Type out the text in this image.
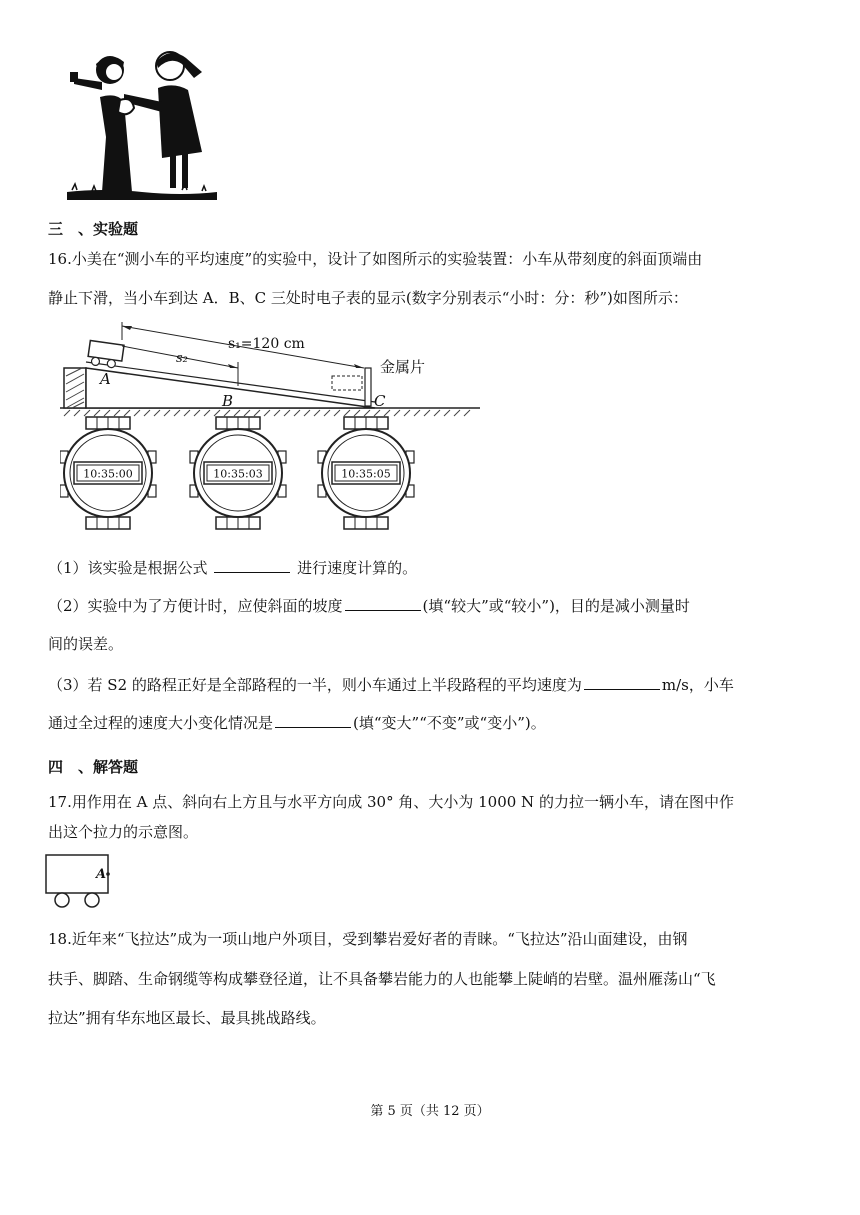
三　、实验题
16.小美在“测小车的平均速度”的实验中，设计了如图所示的实验装置：小车从带刻度的斜面顶端由
静止下滑，当小车到达 A．B、C 三处时电子表的显示(数字分别表示“小时：分：秒”)如图所示：
s₁=120 cm
s₂
A
B	C
金属片
10:35:00	10:35:03	10:35:05
（1）该实验是根据公式	进行速度计算的。
（2）实验中为了方便计时，应使斜面的坡度	(填“较大”或“较小”)，目的是减小测量时
间的误差。
（3）若 S2 的路程正好是全部路程的一半，则小车通过上半段路程的平均速度为	m/s，小车
通过全过程的速度大小变化情况是	(填“变大”“不变”或“变小”)。
四　、解答题
17.用作用在 A 点、斜向右上方且与水平方向成 30° 角、大小为 1000 N 的力拉一辆小车，请在图中作
出这个拉力的示意图。
A
18.近年来“飞拉达”成为一项山地户外项目，受到攀岩爱好者的青睐。“飞拉达”沿山面建设，由钢
扶手、脚踏、生命钢缆等构成攀登径道，让不具备攀岩能力的人也能攀上陡峭的岩壁。温州雁荡山“飞
拉达”拥有华东地区最长、最具挑战路线。
第 5 页（共 12 页）
